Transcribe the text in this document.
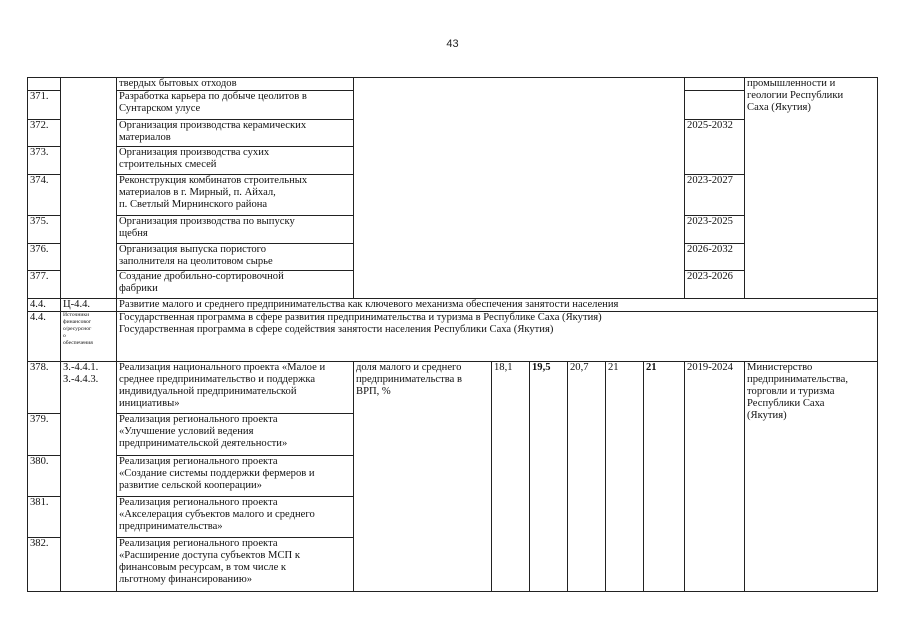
43
		твердых бытовых отходов								промышленности и
геологии Республики
Саха (Якутия)
371.		Разработка карьера по добыче цеолитов в
Сунтарском улусе								
372.		Организация производства керамических
материалов							2025-2032	
373.		Организация производства сухих
строительных смесей								
374.		Реконструкция комбинатов строительных
материалов в г. Мирный, п. Айхал,
п. Светлый Мирнинского района							2023-2027	
375.		Организация производства по выпуску
щебня							2023-2025	
376.		Организация выпуска пористого
заполнителя на цеолитовом сырье							2026-2032	
377.		Создание дробильно-сортировочной
фабрики							2023-2026	
4.4.	Ц-4.4.	Развитие малого и среднего предпринимательства как ключевого механизма обеспечения занятости населения								
4.4.	Источники
финансовог
о/ресурсног
о
обеспечения	Государственная программа в сфере развития предпринимательства и туризма в Республике Саха (Якутия)
Государственная программа в сфере содействия занятости населения Республики Саха (Якутия)								
378.	З.-4.4.1.
З.-4.4.3.	Реализация национального проекта «Малое и
среднее предпринимательство и поддержка
индивидуальной предпринимательской
инициативы»	доля малого и среднего
предпринимательства в
ВРП, %	18,1	19,5	20,7	21	21	2019-2024	Министерство
предпринимательства,
торговли и туризма
Республики Саха
(Якутия)
379.		Реализация регионального проекта
«Улучшение условий ведения
предпринимательской деятельности»								
380.		Реализация регионального проекта
«Создание системы поддержки фермеров и
развитие сельской кооперации»								
381.		Реализация регионального проекта
«Акселерация субъектов малого и среднего
предпринимательства»								
382.		Реализация регионального проекта
«Расширение доступа субъектов МСП к
финансовым ресурсам, в том числе к
льготному финансированию»								
